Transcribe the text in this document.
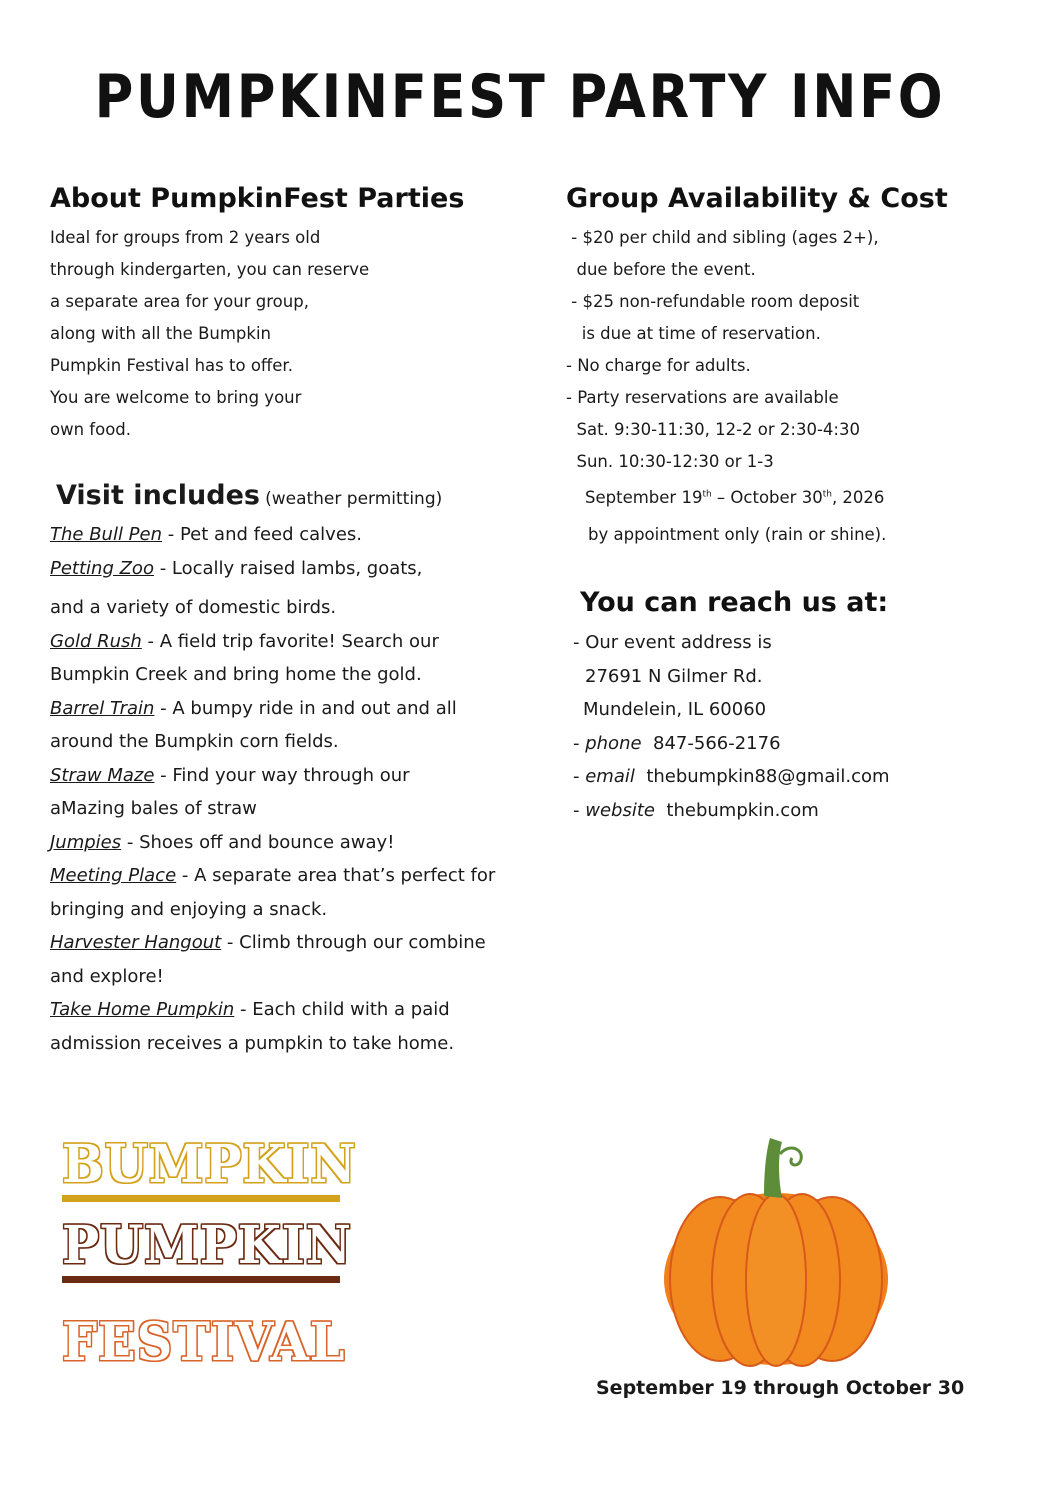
PUMPKINFEST PARTY INFO
About PumpkinFest Parties
Ideal for groups from 2 years old
through kindergarten, you can reserve
a separate area for your group,
along with all the Bumpkin
Pumpkin Festival has to offer.
You are welcome to bring your
own food.
Visit includes (weather permitting)
The Bull Pen - Pet and feed calves.
Petting Zoo - Locally raised lambs, goats,
and a variety of domestic birds.
Gold Rush - A field trip favorite! Search our
Bumpkin Creek and bring home the gold.
Barrel Train - A bumpy ride in and out and all
around the Bumpkin corn fields.
Straw Maze - Find your way through our
aMazing bales of straw
Jumpies - Shoes off and bounce away!
Meeting Place - A separate area that’s perfect for
bringing and enjoying a snack.
Harvester Hangout - Climb through our combine
and explore!
Take Home Pumpkin - Each child with a paid
admission receives a pumpkin to take home.
Group Availability & Cost
- $20 per child and sibling (ages 2+),
due before the event.
- $25 non-refundable room deposit
is due at time of reservation.
- No charge for adults.
- Party reservations are available
Sat. 9:30-11:30, 12-2 or 2:30-4:30
Sun. 10:30-12:30 or 1-3
September 19th – October 30th, 2026
by appointment only (rain or shine).
You can reach us at:
- Our event address is
27691 N Gilmer Rd.
Mundelein, IL 60060
- phone 847-566-2176
- email thebumpkin88@gmail.com
- website thebumpkin.com
BUMPKIN
PUMPKIN
FESTIVAL
September 19 through October 30
